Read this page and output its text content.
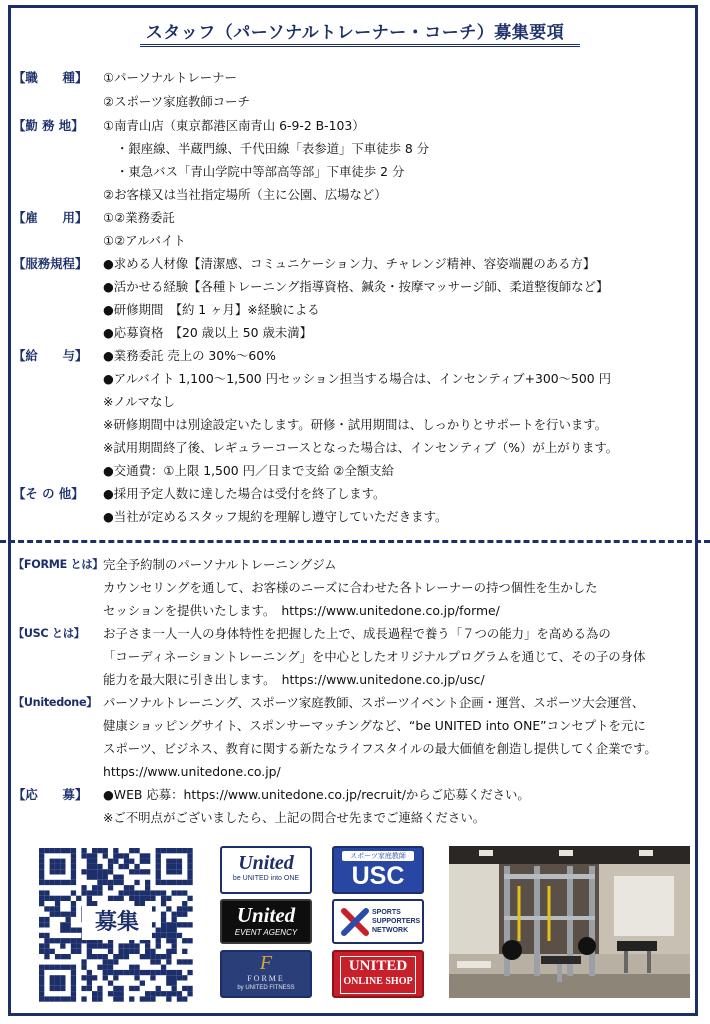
スタッフ（パーソナルトレーナー・コーチ）募集要項
【職　　種】	①パーソナルトレーナー
②スポーツ家庭教師コーチ
【勤 務 地】	①南青山店（東京都港区南青山 6-9-2 B-103）
・銀座線、半蔵門線、千代田線「表参道」下車徒歩 8 分
・東急バス「青山学院中等部高等部」下車徒歩 2 分
②お客様又は当社指定場所（主に公園、広場など）
【雇　　用】	①②業務委託
①②アルバイト
【服務規程】	●求める人材像【清潔感、コミュニケーション力、チャレンジ精神、容姿端麗のある方】
●活かせる経験【各種トレーニング指導資格、鍼灸・按摩マッサージ師、柔道整復師など】
●研修期間　【約 1 ヶ月】※経験による
●応募資格　【20 歳以上 50 歳未満】
【給　　与】	●業務委託 売上の 30%～60%
●アルバイト 1,100～1,500 円セッション担当する場合は、インセンティブ+300～500 円
※ノルマなし
※研修期間中は別途設定いたします。研修・試用期間は、しっかりとサポートを行います。
※試用期間終了後、レギュラーコースとなった場合は、インセンティブ（%）が上がります。
●交通費：①上限 1,500 円／日まで支給 ②全額支給
【そ の 他】	●採用予定人数に達した場合は受付を終了します。
●当社が定めるスタッフ規約を理解し遵守していただきます。
【FORME とは】 完全予約制のパーソナルトレーニングジム
カウンセリングを通して、お客様のニーズに合わせた各トレーナーの持つ個性を生かした
セッションを提供いたします。　https://www.unitedone.co.jp/forme/
【USC とは】	お子さま一人一人の身体特性を把握した上で、成長過程で養う「７つの能力」を高める為の
「コーディネーショントレーニング」を中心としたオリジナルプログラムを通じて、その子の身体
能力を最大限に引き出します。　https://www.unitedone.co.jp/usc/
【Unitedone】 パーソナルトレーニング、スポーツ家庭教師、スポーツイベント企画・運営、スポーツ大会運営、
健康ショッピングサイト、スポンサーマッチングなど、“be UNITED into ONE”コンセプトを元に
スポーツ、ビジネス、教育に関する新たなライフスタイルの最大価値を創造し提供してく企業です。
https://www.unitedone.co.jp/
【応　　募】	●WEB 応募：https://www.unitedone.co.jp/recruit/からご応募ください。
※ご不明点がございましたら、上記の問合せ先までご連絡ください。
募集
United
be UNITED into ONE
United
EVENT AGENCY
F
FORME
by UNITED FITNESS
スポーツ家庭教師
USC
SPORTS
SUPPORTERS
NETWORK
UNITED
ONLINE SHOP
